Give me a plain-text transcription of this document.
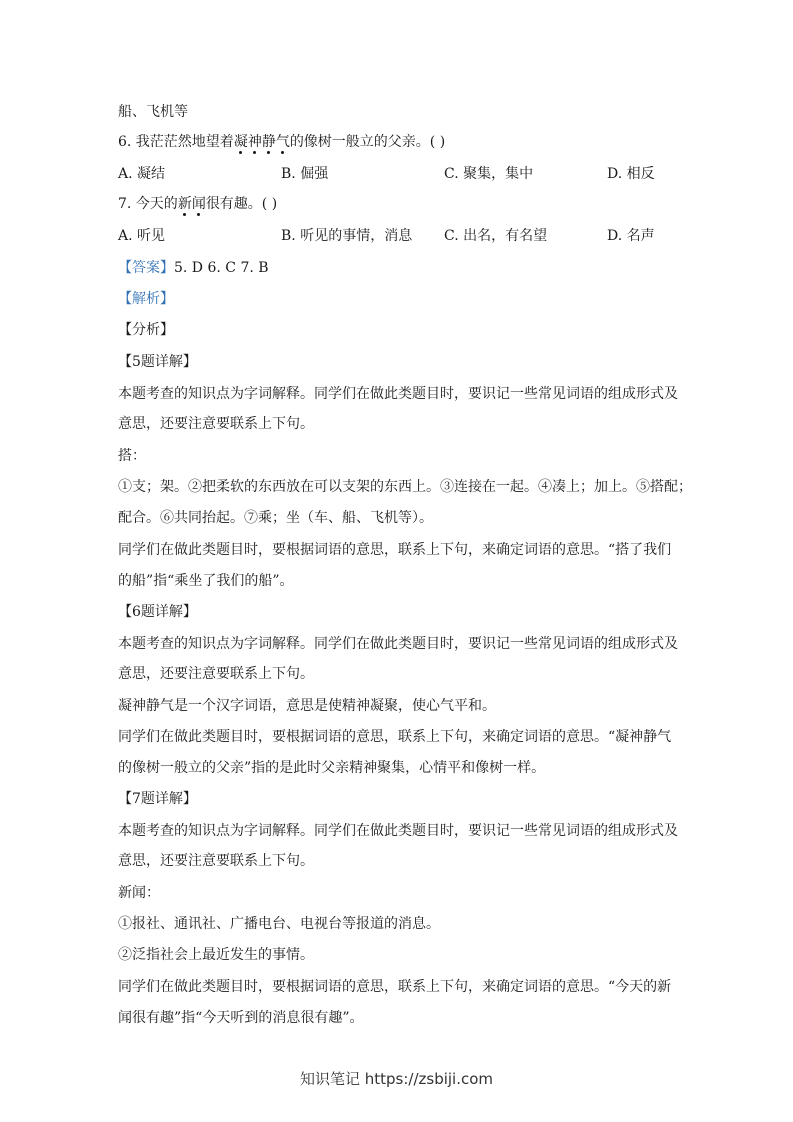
船、飞机等
6. 我茫茫然地望着凝神静气的像树一般立的父亲。( )
A. 凝结	B. 倔强	C. 聚集，集中	D. 相反
7. 今天的新闻很有趣。( )
A. 听见	B. 听见的事情，消息 C. 出名，有名望	D. 名声
【答案】5. D 6. C 7. B
【解析】
【分析】
【5题详解】
本题考查的知识点为字词解释。同学们在做此类题目时，要识记一些常见词语的组成形式及
意思，还要注意要联系上下句。
搭：
①支；架。②把柔软的东西放在可以支架的东西上。③连接在一起。④凑上；加上。⑤搭配；
配合。⑥共同抬起。⑦乘；坐（车、船、飞机等）。
同学们在做此类题目时，要根据词语的意思，联系上下句，来确定词语的意思。“搭了我们
的船”指“乘坐了我们的船”。
【6题详解】
本题考查的知识点为字词解释。同学们在做此类题目时，要识记一些常见词语的组成形式及
意思，还要注意要联系上下句。
凝神静气是一个汉字词语，意思是使精神凝聚，使心气平和。
同学们在做此类题目时，要根据词语的意思，联系上下句，来确定词语的意思。“凝神静气
的像树一般立的父亲”指的是此时父亲精神聚集，心情平和像树一样。
【7题详解】
本题考查的知识点为字词解释。同学们在做此类题目时，要识记一些常见词语的组成形式及
意思，还要注意要联系上下句。
新闻：
①报社、通讯社、广播电台、电视台等报道的消息。
②泛指社会上最近发生的事情。
同学们在做此类题目时，要根据词语的意思，联系上下句，来确定词语的意思。“今天的新
闻很有趣”指“今天听到的消息很有趣”。
知识笔记 https://zsbiji.com
